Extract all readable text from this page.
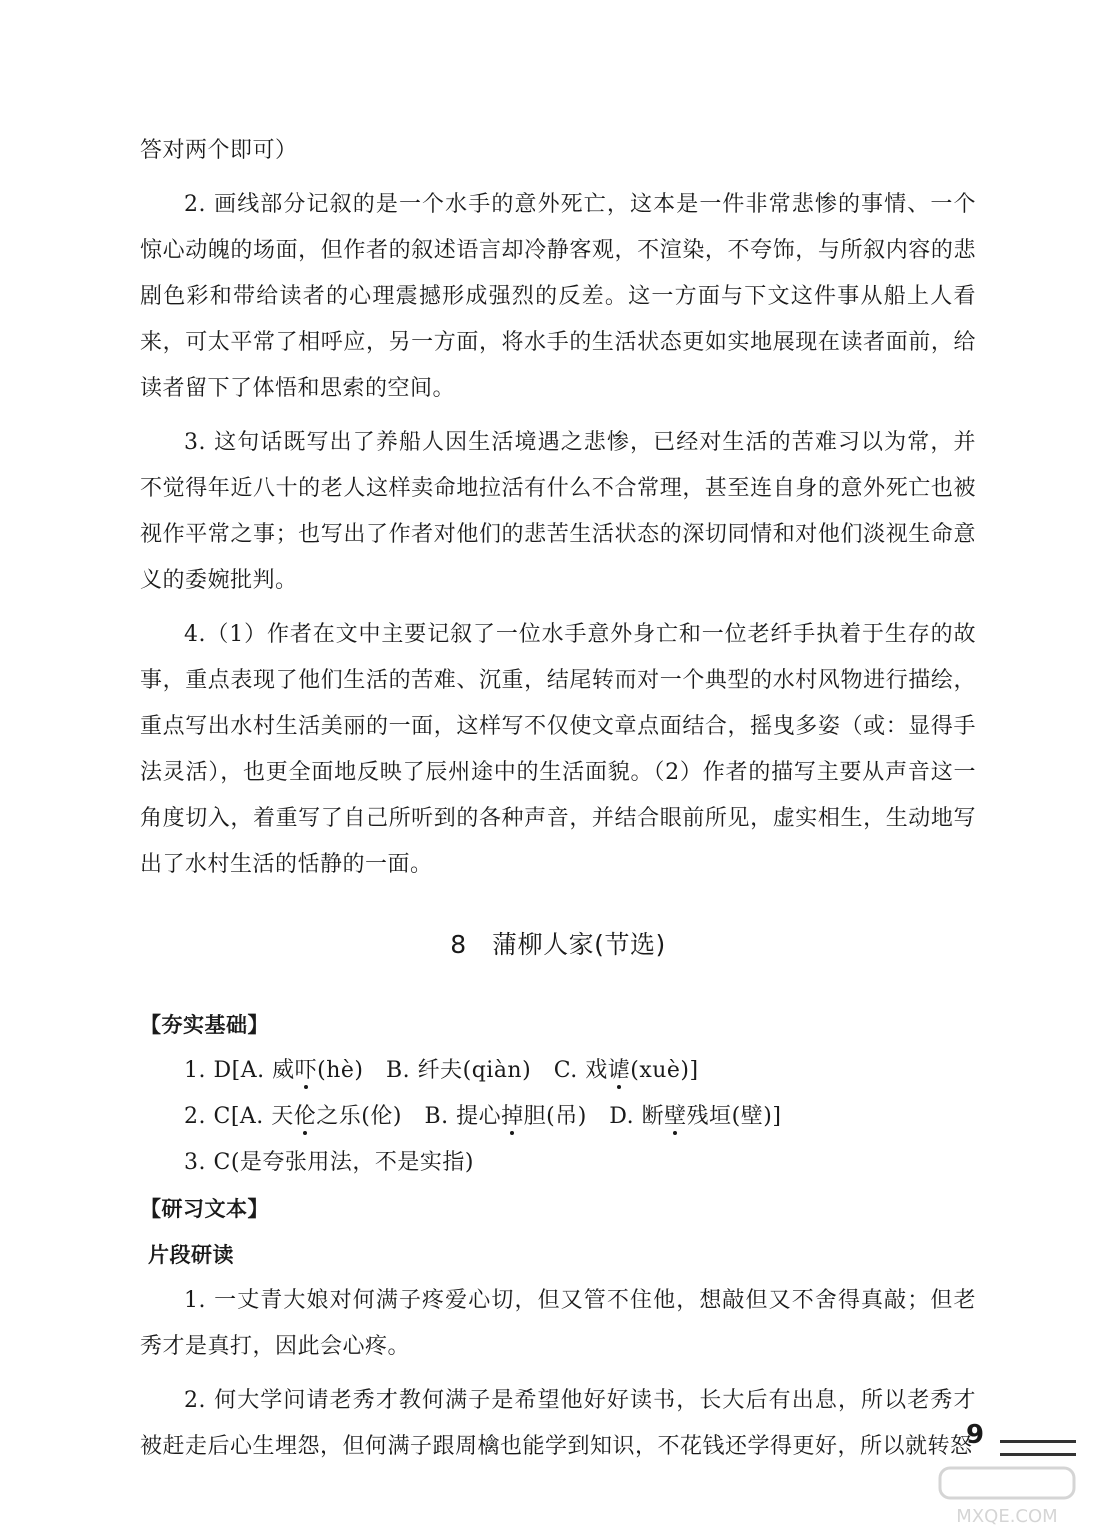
答对两个即可）

2. 画线部分记叙的是一个水手的意外死亡，这本是一件非常悲惨的事情、一个惊心动魄的场面，但作者的叙述语言却冷静客观，不渲染，不夸饰，与所叙内容的悲剧色彩和带给读者的心理震撼形成强烈的反差。这一方面与下文这件事从船上人看来，可太平常了相呼应，另一方面，将水手的生活状态更如实地展现在读者面前，给读者留下了体悟和思索的空间。

3. 这句话既写出了养船人因生活境遇之悲惨，已经对生活的苦难习以为常，并不觉得年近八十的老人这样卖命地拉活有什么不合常理，甚至连自身的意外死亡也被视作平常之事；也写出了作者对他们的悲苦生活状态的深切同情和对他们淡视生命意义的委婉批判。

4.（1）作者在文中主要记叙了一位水手意外身亡和一位老纤手执着于生存的故事，重点表现了他们生活的苦难、沉重，结尾转而对一个典型的水村风物进行描绘，重点写出水村生活美丽的一面，这样写不仅使文章点面结合，摇曳多姿（或：显得手法灵活），也更全面地反映了辰州途中的生活面貌。（2）作者的描写主要从声音这一角度切入，着重写了自己所听到的各种声音，并结合眼前所见，虚实相生，生动地写出了水村生活的恬静的一面。

8　蒲柳人家(节选)

【夯实基础】

1. D[A. 威吓(hè)　B. 纤夫(qiàn)　C. 戏谑(xuè)]

2. C[A. 天伦之乐(伦)　B. 提心掉胆(吊)　D. 断壁残垣(壁)]

3. C(是夸张用法，不是实指)

【研习文本】

片段研读

1. 一丈青大娘对何满子疼爱心切，但又管不住他，想敲但又不舍得真敲；但老秀才是真打，因此会心疼。

2. 何大学问请老秀才教何满子是希望他好好读书，长大后有出息，所以老秀才被赶走后心生埋怨，但何满子跟周檎也能学到知识，不花钱还学得更好，所以就转怒

9
MXQE.COM
